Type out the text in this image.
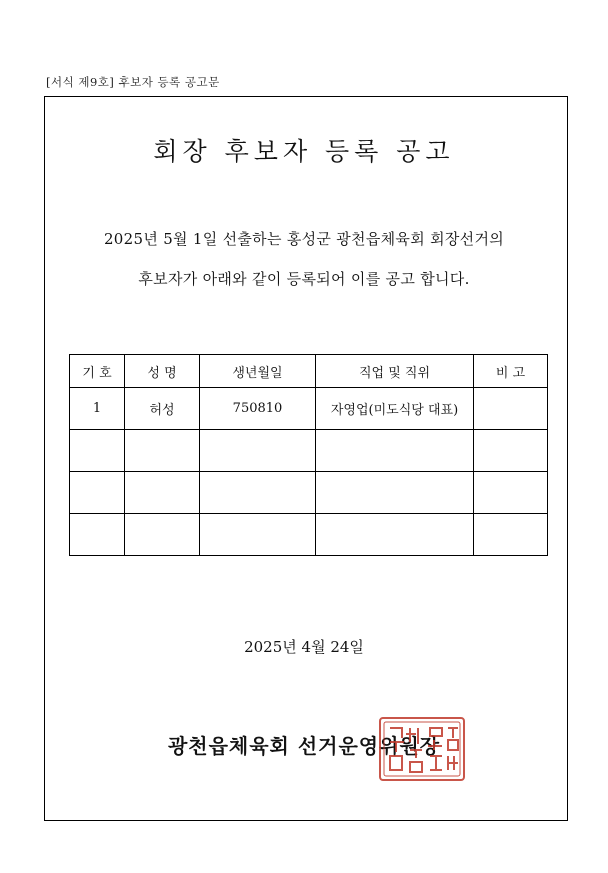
[서식 제9호] 후보자 등록 공고문
회장 후보자 등록 공고
2025년 5월 1일 선출하는 홍성군 광천읍체육회 회장선거의
후보자가 아래와 같이 등록되어 이를 공고 합니다.
기 호	성 명	생년월일	직업 및 직위	비 고
1	허성	750810	자영업(미도식당 대표)	

2025년 4월 24일
광천읍체육회 선거운영위원장
